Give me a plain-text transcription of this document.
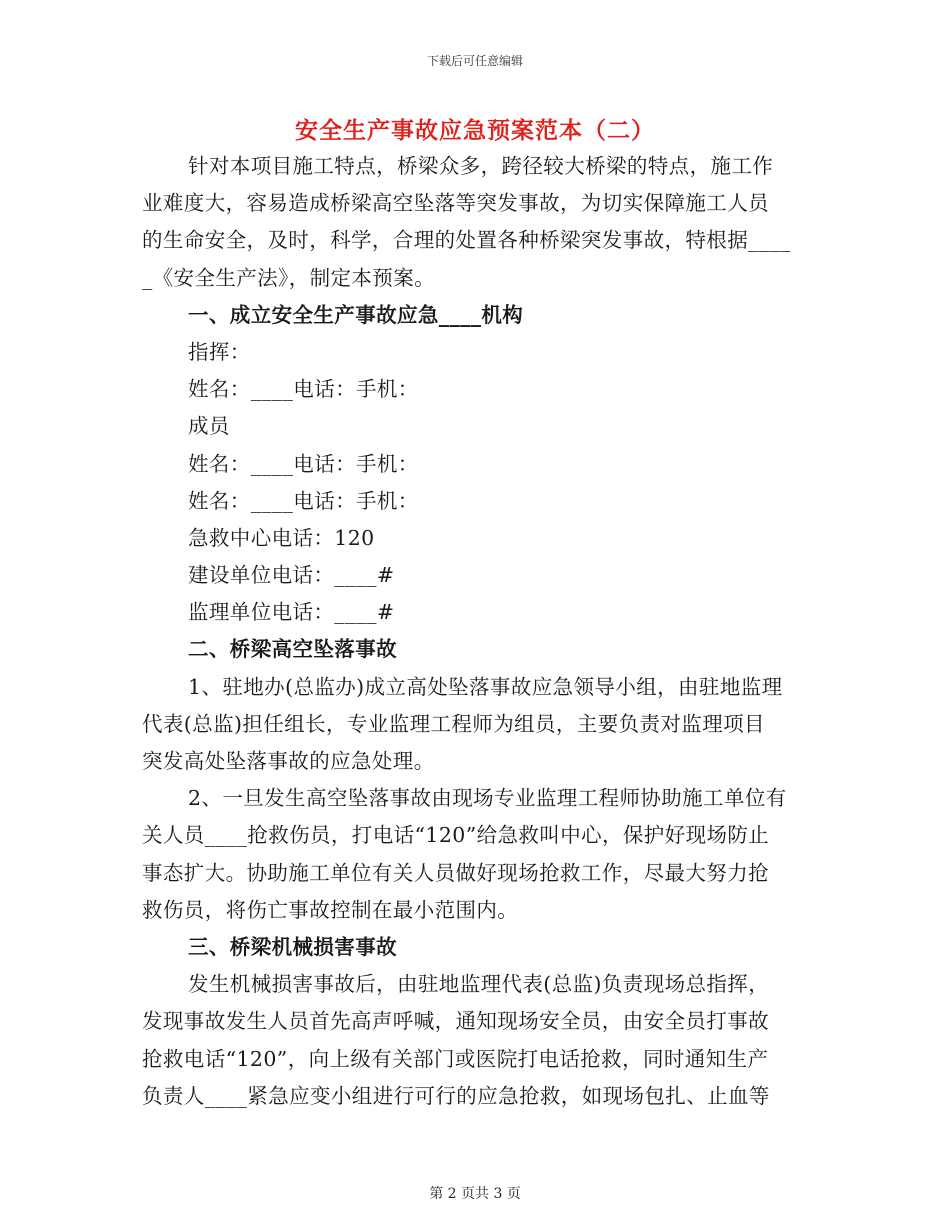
下载后可任意编辑
安全生产事故应急预案范本（二）
针对本项目施工特点，桥梁众多，跨径较大桥梁的特点，施工作
业难度大，容易造成桥梁高空坠落等突发事故，为切实保障施工人员
的生命安全，及时，科学，合理的处置各种桥梁突发事故，特根据____
_《安全生产法》，制定本预案。
一、成立安全生产事故应急____机构
指挥：
姓名：____电话：手机：
成员
姓名：____电话：手机：
姓名：____电话：手机：
急救中心电话：120
建设单位电话：____#
监理单位电话：____#
二、桥梁高空坠落事故
1、驻地办(总监办)成立高处坠落事故应急领导小组，由驻地监理
代表(总监)担任组长，专业监理工程师为组员，主要负责对监理项目
突发高处坠落事故的应急处理。
2、一旦发生高空坠落事故由现场专业监理工程师协助施工单位有
关人员____抢救伤员，打电话“120”给急救叫中心，保护好现场防止
事态扩大。协助施工单位有关人员做好现场抢救工作，尽最大努力抢
救伤员，将伤亡事故控制在最小范围内。
三、桥梁机械损害事故
发生机械损害事故后，由驻地监理代表(总监)负责现场总指挥，
发现事故发生人员首先高声呼喊，通知现场安全员，由安全员打事故
抢救电话“120”，向上级有关部门或医院打电话抢救，同时通知生产
负责人____紧急应变小组进行可行的应急抢救，如现场包扎、止血等
第 2 页共 3 页
